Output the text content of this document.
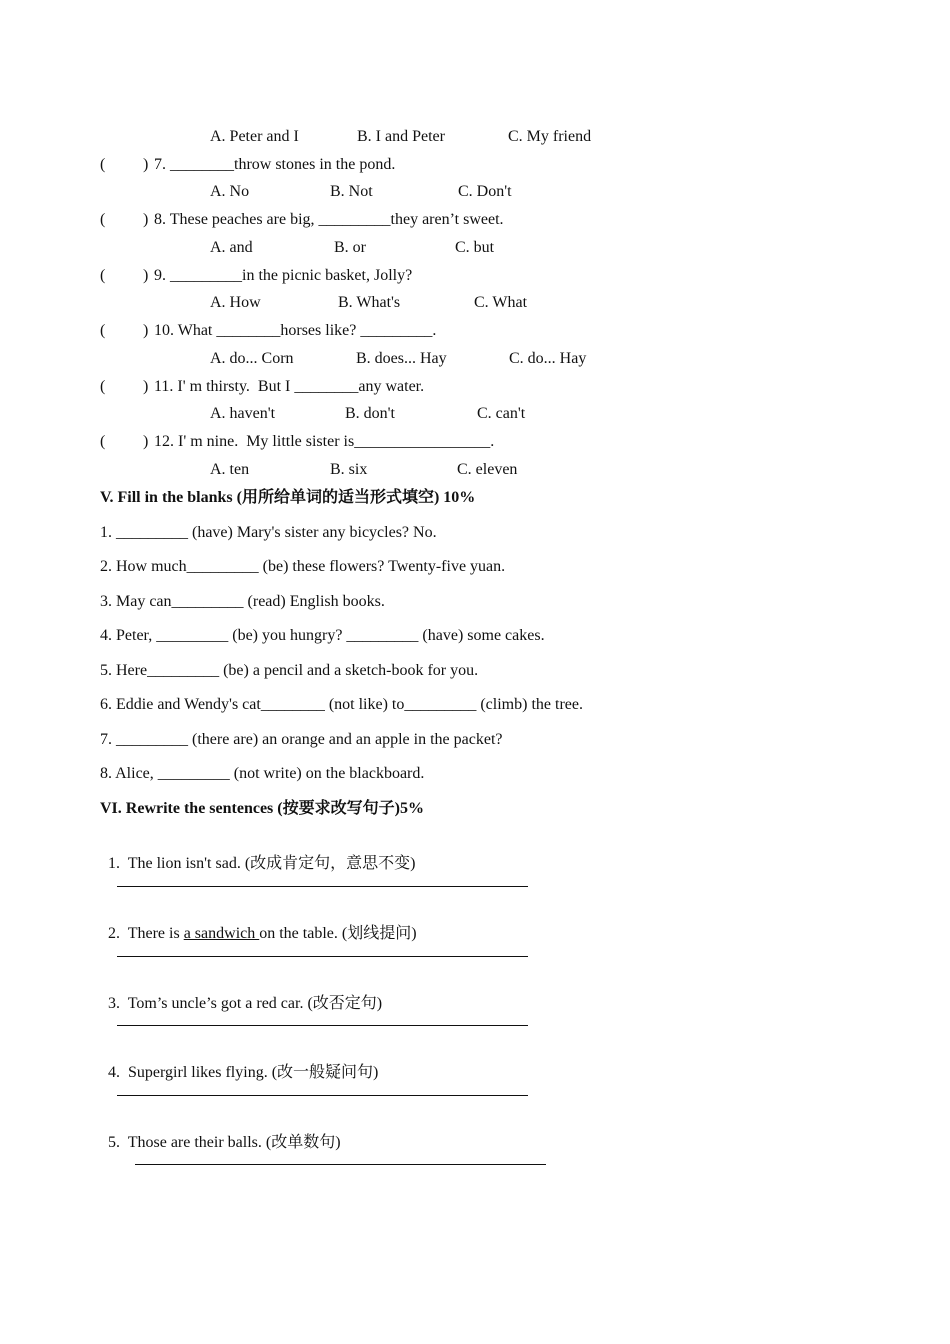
A. Peter and I	B. I and Peter	C. My friend
( ) 7. ________throw stones in the pond.
A. No	B. Not	C. Don't
( ) 8. These peaches are big, _________they aren’t sweet.
A. and	B. or	C. but
( ) 9. _________in the picnic basket, Jolly?
A. How	B. What's	C. What
( ) 10. What ________horses like? _________.
A. do... Corn	B. does... Hay	C. do... Hay
( ) 11. I' m thirsty.  But I ________any water.
A. haven't	B. don't	C. can't
( ) 12. I' m nine.  My little sister is_________________.
A. ten	B. six	C. eleven
V. Fill in the blanks (用所给单词的适当形式填空) 10%
1. _________ (have) Mary's sister any bicycles? No.
2. How much_________ (be) these flowers? Twenty-five yuan.
3. May can_________ (read) English books.
4. Peter, _________ (be) you hungry? _________ (have) some cakes.
5. Here_________ (be) a pencil and a sketch-book for you.
6. Eddie and Wendy's cat________ (not like) to_________ (climb) the tree.
7. _________ (there are) an orange and an apple in the packet?
8. Alice, _________ (not write) on the blackboard.
VI. Rewrite the sentences (按要求改写句子)5%

1. The lion isn't sad. (改成肯定句，意思不变)

2. There is a sandwich on the table. (划线提问)

3. Tom’s uncle’s got a red car. (改否定句)

4. Supergirl likes flying. (改一般疑问句)

5. Those are their balls. (改单数句)
